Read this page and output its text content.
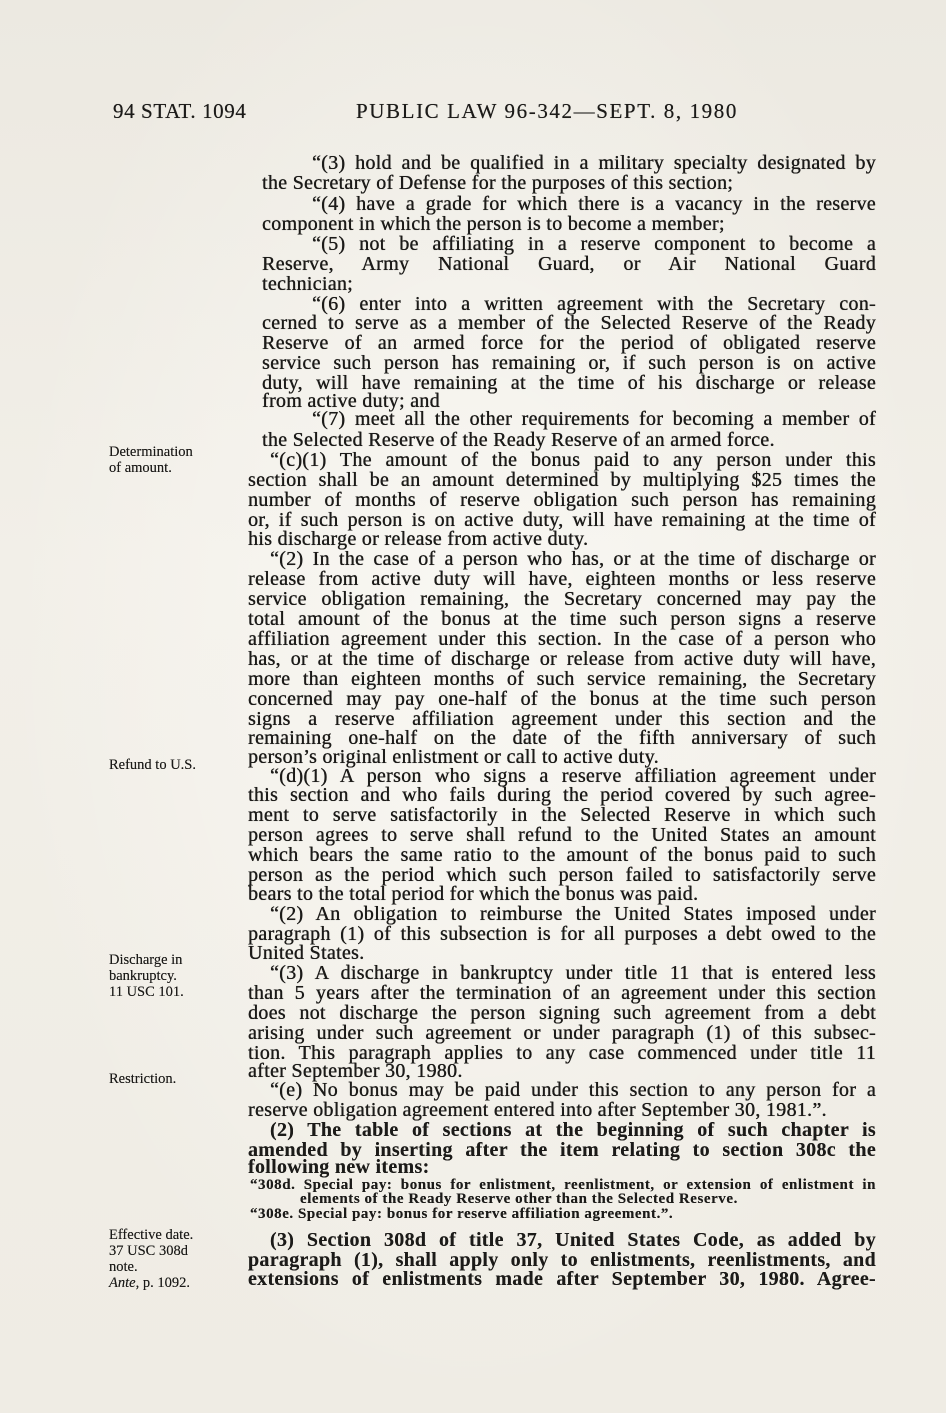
94 STAT. 1094	PUBLIC LAW 96-342—SEPT. 8, 1980
Determination
of amount.
Refund to U.S.
Discharge in
bankruptcy.
11 USC 101.
Restriction.
Effective date.
37 USC 308d
note.
Ante, p. 1092.
“(3) hold and be qualified in a military specialty designated by
the Secretary of Defense for the purposes of this section;
“(4) have a grade for which there is a vacancy in the reserve
component in which the person is to become a member;
“(5) not be affiliating in a reserve component to become a
Reserve, Army National Guard, or Air National Guard
technician;
“(6) enter into a written agreement with the Secretary con-
cerned to serve as a member of the Selected Reserve of the Ready
Reserve of an armed force for the period of obligated reserve
service such person has remaining or, if such person is on active
duty, will have remaining at the time of his discharge or release
from active duty; and
“(7) meet all the other requirements for becoming a member of
the Selected Reserve of the Ready Reserve of an armed force.
“(c)(1) The amount of the bonus paid to any person under this
section shall be an amount determined by multiplying $25 times the
number of months of reserve obligation such person has remaining
or, if such person is on active duty, will have remaining at the time of
his discharge or release from active duty.
“(2) In the case of a person who has, or at the time of discharge or
release from active duty will have, eighteen months or less reserve
service obligation remaining, the Secretary concerned may pay the
total amount of the bonus at the time such person signs a reserve
affiliation agreement under this section. In the case of a person who
has, or at the time of discharge or release from active duty will have,
more than eighteen months of such service remaining, the Secretary
concerned may pay one-half of the bonus at the time such person
signs a reserve affiliation agreement under this section and the
remaining one-half on the date of the fifth anniversary of such
person’s original enlistment or call to active duty.
“(d)(1) A person who signs a reserve affiliation agreement under
this section and who fails during the period covered by such agree-
ment to serve satisfactorily in the Selected Reserve in which such
person agrees to serve shall refund to the United States an amount
which bears the same ratio to the amount of the bonus paid to such
person as the period which such person failed to satisfactorily serve
bears to the total period for which the bonus was paid.
“(2) An obligation to reimburse the United States imposed under
paragraph (1) of this subsection is for all purposes a debt owed to the
United States.
“(3) A discharge in bankruptcy under title 11 that is entered less
than 5 years after the termination of an agreement under this section
does not discharge the person signing such agreement from a debt
arising under such agreement or under paragraph (1) of this subsec-
tion. This paragraph applies to any case commenced under title 11
after September 30, 1980.
“(e) No bonus may be paid under this section to any person for a
reserve obligation agreement entered into after September 30, 1981.”.
(2) The table of sections at the beginning of such chapter is
amended by inserting after the item relating to section 308c the
following new items:
“308d. Special pay: bonus for enlistment, reenlistment, or extension of enlistment in
elements of the Ready Reserve other than the Selected Reserve.
“308e. Special pay: bonus for reserve affiliation agreement.”.
(3) Section 308d of title 37, United States Code, as added by
paragraph (1), shall apply only to enlistments, reenlistments, and
extensions of enlistments made after September 30, 1980. Agree-
